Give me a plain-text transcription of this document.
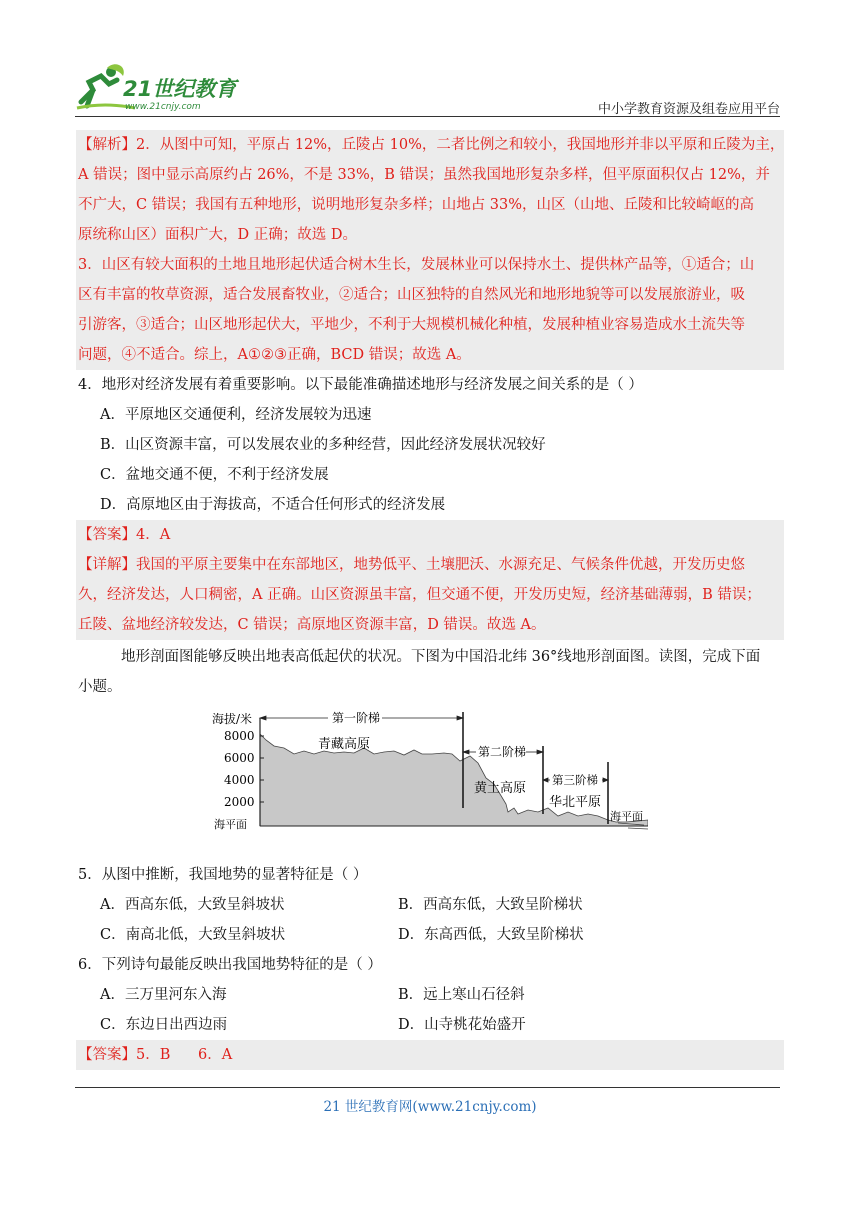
21世纪教育
www.21cnjy.com	中小学教育资源及组卷应用平台
【解析】2．从图中可知，平原占 12%，丘陵占 10%，二者比例之和较小，我国地形并非以平原和丘陵为主，
A 错误；图中显示高原约占 26%，不是 33%，B 错误；虽然我国地形复杂多样，但平原面积仅占 12%，并
不广大，C 错误；我国有五种地形，说明地形复杂多样；山地占 33%，山区（山地、丘陵和比较崎岖的高
原统称山区）面积广大，D 正确；故选 D。
3．山区有较大面积的土地且地形起伏适合树木生长，发展林业可以保持水土、提供林产品等，①适合；山
区有丰富的牧草资源，适合发展畜牧业，②适合；山区独特的自然风光和地形地貌等可以发展旅游业，吸
引游客，③适合；山区地形起伏大，平地少，不利于大规模机械化种植，发展种植业容易造成水土流失等
问题，④不适合。综上，A①②③正确，BCD 错误；故选 A。
4．地形对经济发展有着重要影响。以下最能准确描述地形与经济发展之间关系的是（ ）
A．平原地区交通便利，经济发展较为迅速
B．山区资源丰富，可以发展农业的多种经营，因此经济发展状况较好
C．盆地交通不便，不利于经济发展
D．高原地区由于海拔高，不适合任何形式的经济发展
【答案】4．A
【详解】我国的平原主要集中在东部地区，地势低平、土壤肥沃、水源充足、气候条件优越，开发历史悠
久，经济发达，人口稠密，A 正确。山区资源虽丰富，但交通不便，开发历史短，经济基础薄弱，B 错误；
丘陵、盆地经济较发达，C 错误；高原地区资源丰富，D 错误。故选 A。
地形剖面图能够反映出地表高低起伏的状况。下图为中国沿北纬 36°线地形剖面图。读图，完成下面
小题。
海拔/米
8000
6000
4000
2000
海平面
海平面
第一阶梯
第二阶梯
第三阶梯
青藏高原
黄土高原
华北平原
5．从图中推断，我国地势的显著特征是（ ）
A．西高东低，大致呈斜坡状	B．西高东低，大致呈阶梯状
C．南高北低，大致呈斜坡状	D．东高西低，大致呈阶梯状
6．下列诗句最能反映出我国地势特征的是（ ）
A．三万里河东入海	B．远上寒山石径斜
C．东边日出西边雨	D．山寺桃花始盛开
【答案】5．B      6．A
21 世纪教育网(www.21cnjy.com)
